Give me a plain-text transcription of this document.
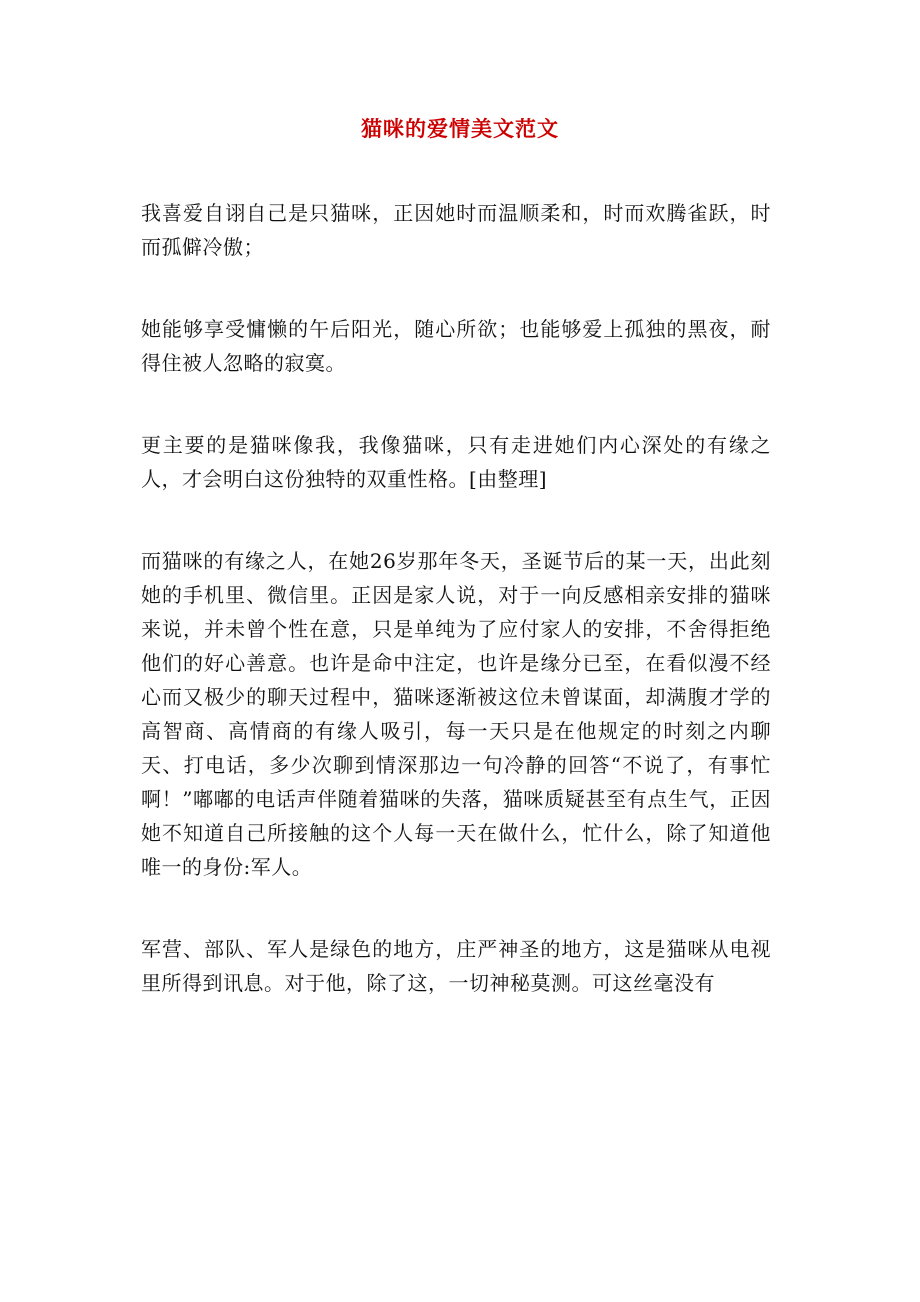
猫咪的爱情美文范文

我喜爱自诩自己是只猫咪，正因她时而温顺柔和，时而欢腾雀跃，时而孤僻冷傲；

她能够享受慵懒的午后阳光，随心所欲；也能够爱上孤独的黑夜，耐得住被人忽略的寂寞。

更主要的是猫咪像我，我像猫咪，只有走进她们内心深处的有缘之人，才会明白这份独特的双重性格。[由整理]

而猫咪的有缘之人，在她26岁那年冬天，圣诞节后的某一天，出此刻她的手机里、微信里。正因是家人说，对于一向反感相亲安排的猫咪来说，并未曾个性在意，只是单纯为了应付家人的安排，不舍得拒绝他们的好心善意。也许是命中注定，也许是缘分已至，在看似漫不经心而又极少的聊天过程中，猫咪逐渐被这位未曾谋面，却满腹才学的高智商、高情商的有缘人吸引，每一天只是在他规定的时刻之内聊天、打电话，多少次聊到情深那边一句冷静的回答“不说了，有事忙啊！”嘟嘟的电话声伴随着猫咪的失落，猫咪质疑甚至有点生气，正因她不知道自己所接触的这个人每一天在做什么，忙什么，除了知道他唯一的身份:军人。

军营、部队、军人是绿色的地方，庄严神圣的地方，这是猫咪从电视里所得到讯息。对于他，除了这，一切神秘莫测。可这丝毫没有
